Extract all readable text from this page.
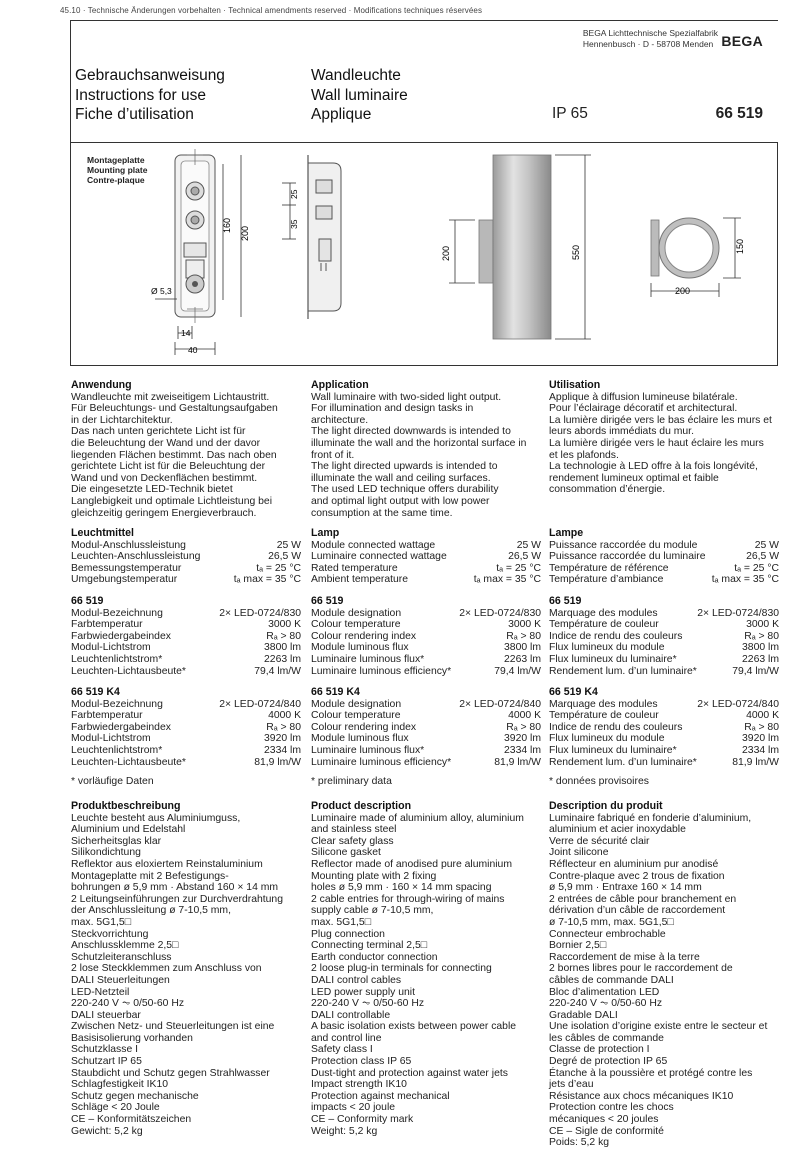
45.10 · Technische Änderungen vorbehalten · Technical amendments reserved · Modifications techniques réservées
BEGA Lichttechnische Spezialfabrik
Hennenbusch · D - 58708 Menden BEGA
Gebrauchsanweisung
Instructions for use
Fiche d’utilisation
Wandleuchte
Wall luminaire
Applique	IP 65	66 519
Montageplatte
Mounting plate
Contre-plaque
160
200
14
40
Ø 5,3
25
35
200	550	150
200
Anwendung
Wandleuchte mit zweiseitigem Lichtaustritt.
Für Beleuchtungs- und Gestaltungsaufgaben
in der Lichtarchitektur.
Das nach unten gerichtete Licht ist für
die Beleuchtung der Wand und der davor
liegenden Flächen bestimmt. Das nach oben
gerichtete Licht ist für die Beleuchtung der
Wand und von Deckenflächen bestimmt.
Die eingesetzte LED-Technik bietet
Langlebigkeit und optimale Lichtleistung bei
gleichzeitig geringem Energieverbrauch.
Leuchtmittel
Modul-Anschlussleistung	25 W
Leuchten-Anschlussleistung	26,5 W
Bemessungstemperatur	tₐ = 25 °C
Umgebungstemperatur	tₐ max = 35 °C
66 519
Modul-Bezeichnung	2× LED-0724/830
Farbtemperatur	3000 K
Farbwiedergabeindex	Rₐ > 80
Modul-Lichtstrom	3800 lm
Leuchtenlichtstrom*	2263 lm
Leuchten-Lichtausbeute*	79,4 lm/W
66 519 K4
Modul-Bezeichnung	2× LED-0724/840
Farbtemperatur	4000 K
Farbwiedergabeindex	Rₐ > 80
Modul-Lichtstrom	3920 lm
Leuchtenlichtstrom*	2334 lm
Leuchten-Lichtausbeute*	81,9 lm/W
* vorläufige Daten
Produktbeschreibung
Leuchte besteht aus Aluminiumguss,
Aluminium und Edelstahl
Sicherheitsglas klar
Silikondichtung
Reflektor aus eloxiertem Reinstaluminium
Montageplatte mit 2 Befestigungs-
bohrungen ø 5,9 mm · Abstand 160 × 14 mm
2 Leitungseinführungen zur Durchverdrahtung
der Anschlussleitung ø 7-10,5 mm,
max. 5G1,5□
Steckvorrichtung
Anschlussklemme 2,5□
Schutzleiteranschluss
2 lose Steckklemmen zum Anschluss von
DALI Steuerleitungen
LED-Netzteil
220-240 V ⏦ 0/50-60 Hz
DALI steuerbar
Zwischen Netz- und Steuerleitungen ist eine
Basisisolierung vorhanden
Schutzklasse I
Schutzart IP 65
Staubdicht und Schutz gegen Strahlwasser
Schlagfestigkeit IK10
Schutz gegen mechanische
Schläge < 20 Joule
CE – Konformitätszeichen
Gewicht: 5,2 kg
Application
Wall luminaire with two-sided light output.
For illumination and design tasks in
architecture.
The light directed downwards is intended to
illuminate the wall and the horizontal surface in
front of it.
The light directed upwards is intended to
illuminate the wall and ceiling surfaces.
The used LED technique offers durability
and optimal light output with low power
consumption at the same time.
Lamp
Module connected wattage	25 W
Luminaire connected wattage	26,5 W
Rated temperature	tₐ = 25 °C
Ambient temperature	tₐ max = 35 °C
66 519
Module designation	2× LED-0724/830
Colour temperature	3000 K
Colour rendering index	Rₐ > 80
Module luminous flux	3800 lm
Luminaire luminous flux*	2263 lm
Luminaire luminous efficiency*	79,4 lm/W
66 519 K4
Module designation	2× LED-0724/840
Colour temperature	4000 K
Colour rendering index	Rₐ > 80
Module luminous flux	3920 lm
Luminaire luminous flux*	2334 lm
Luminaire luminous efficiency*	81,9 lm/W
* preliminary data
Product description
Luminaire made of aluminium alloy, aluminium
and stainless steel
Clear safety glass
Silicone gasket
Reflector made of anodised pure aluminium
Mounting plate with 2 fixing
holes ø 5,9 mm · 160 × 14 mm spacing
2 cable entries for through-wiring of mains
supply cable ø 7-10,5 mm,
max. 5G1,5□
Plug connection
Connecting terminal 2,5□
Earth conductor connection
2 loose plug-in terminals for connecting
DALI control cables
LED power supply unit
220-240 V ⏦ 0/50-60 Hz
DALI controllable
A basic isolation exists between power cable
and control line
Safety class I
Protection class IP 65
Dust-tight and protection against water jets
Impact strength IK10
Protection against mechanical
impacts < 20 joule
CE – Conformity mark
Weight: 5,2 kg
Utilisation
Applique à diffusion lumineuse bilatérale.
Pour l’éclairage décoratif et architectural.
La lumière dirigée vers le bas éclaire les murs et
leurs abords immédiats du mur.
La lumière dirigée vers le haut éclaire les murs
et les plafonds.
La technologie à LED offre à la fois longévité,
rendement lumineux optimal et faible
consommation d’énergie.
Lampe
Puissance raccordée du module	25 W
Puissance raccordée du luminaire	26,5 W
Température de référence	tₐ = 25 °C
Température d’ambiance	tₐ max = 35 °C
66 519
Marquage des modules	2× LED-0724/830
Température de couleur	3000 K
Indice de rendu des couleurs	Rₐ > 80
Flux lumineux du module	3800 lm
Flux lumineux du luminaire*	2263 lm
Rendement lum. d’un luminaire*	79,4 lm/W
66 519 K4
Marquage des modules	2× LED-0724/840
Température de couleur	4000 K
Indice de rendu des couleurs	Rₐ > 80
Flux lumineux du module	3920 lm
Flux lumineux du luminaire*	2334 lm
Rendement lum. d’un luminaire*	81,9 lm/W
* données provisoires
Description du produit
Luminaire fabriqué en fonderie d’aluminium,
aluminium et acier inoxydable
Verre de sécurité clair
Joint silicone
Réflecteur en aluminium pur anodisé
Contre-plaque avec 2 trous de fixation
ø 5,9 mm · Entraxe 160 × 14 mm
2 entrées de câble pour branchement en
dérivation d’un câble de raccordement
ø 7-10,5 mm, max. 5G1,5□
Connecteur embrochable
Bornier 2,5□
Raccordement de mise à la terre
2 bornes libres pour le raccordement de
câbles de commande DALI
Bloc d’alimentation LED
220-240 V ⏦ 0/50-60 Hz
Gradable DALI
Une isolation d’origine existe entre le secteur et
les câbles de commande
Classe de protection I
Degré de protection IP 65
Étanche à la poussière et protégé contre les
jets d’eau
Résistance aux chocs mécaniques IK10
Protection contre les chocs
mécaniques < 20 joules
CE – Sigle de conformité
Poids: 5,2 kg
